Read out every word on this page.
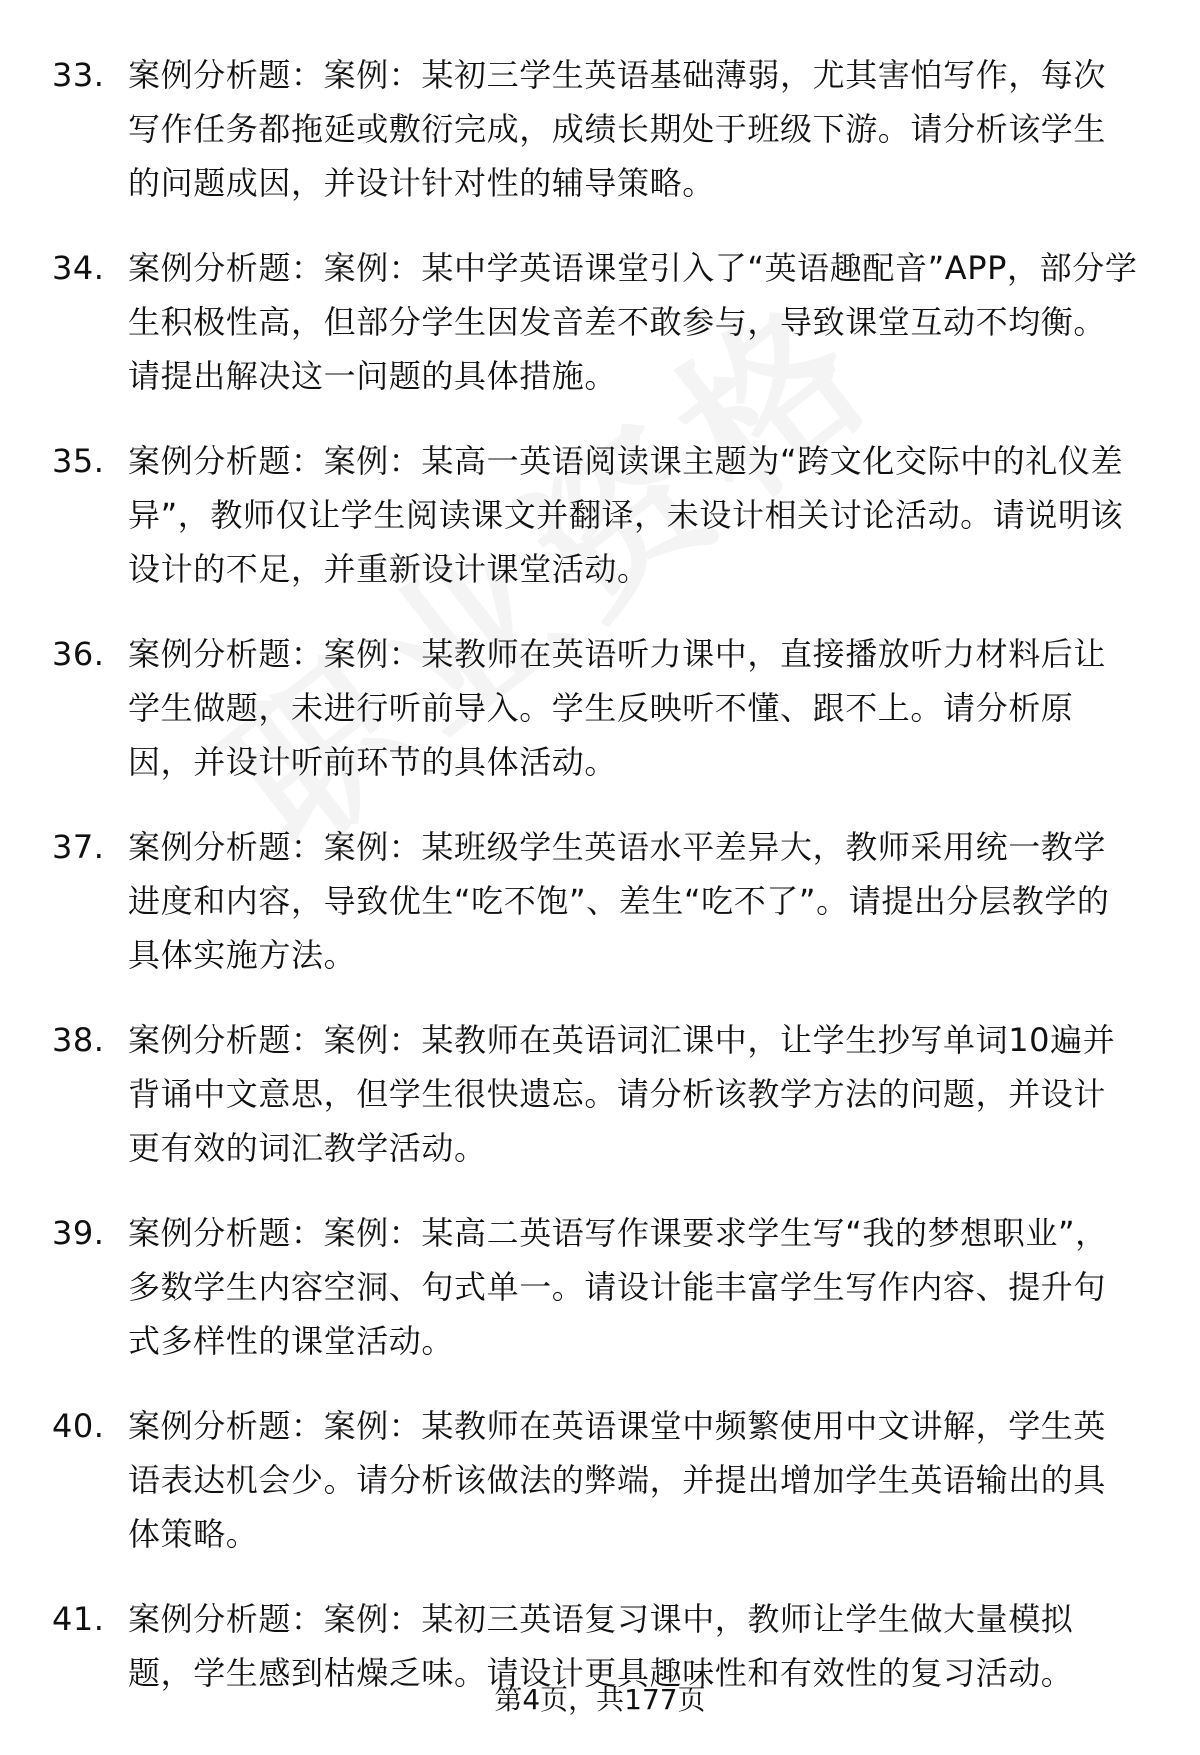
33. 案例分析题：案例：某初三学生英语基础薄弱，尤其害怕写作，每次写作任务都拖延或敷衍完成，成绩长期处于班级下游。请分析该学生的问题成因，并设计针对性的辅导策略。
34. 案例分析题：案例：某中学英语课堂引入了“英语趣配音”APP，部分学生积极性高，但部分学生因发音差不敢参与，导致课堂互动不均衡。请提出解决这一问题的具体措施。
35. 案例分析题：案例：某高一英语阅读课主题为“跨文化交际中的礼仪差异”，教师仅让学生阅读课文并翻译，未设计相关讨论活动。请说明该设计的不足，并重新设计课堂活动。
36. 案例分析题：案例：某教师在英语听力课中，直接播放听力材料后让学生做题，未进行听前导入。学生反映听不懂、跟不上。请分析原因，并设计听前环节的具体活动。
37. 案例分析题：案例：某班级学生英语水平差异大，教师采用统一教学进度和内容，导致优生“吃不饱”、差生“吃不了”。请提出分层教学的具体实施方法。
38. 案例分析题：案例：某教师在英语词汇课中，让学生抄写单词10遍并背诵中文意思，但学生很快遗忘。请分析该教学方法的问题，并设计更有效的词汇教学活动。
39. 案例分析题：案例：某高二英语写作课要求学生写“我的梦想职业”，多数学生内容空洞、句式单一。请设计能丰富学生写作内容、提升句式多样性的课堂活动。
40. 案例分析题：案例：某教师在英语课堂中频繁使用中文讲解，学生英语表达机会少。请分析该做法的弊端，并提出增加学生英语输出的具体策略。
41. 案例分析题：案例：某初三英语复习课中，教师让学生做大量模拟题，学生感到枯燥乏味。请设计更具趣味性和有效性的复习活动。
第4页，共177页
